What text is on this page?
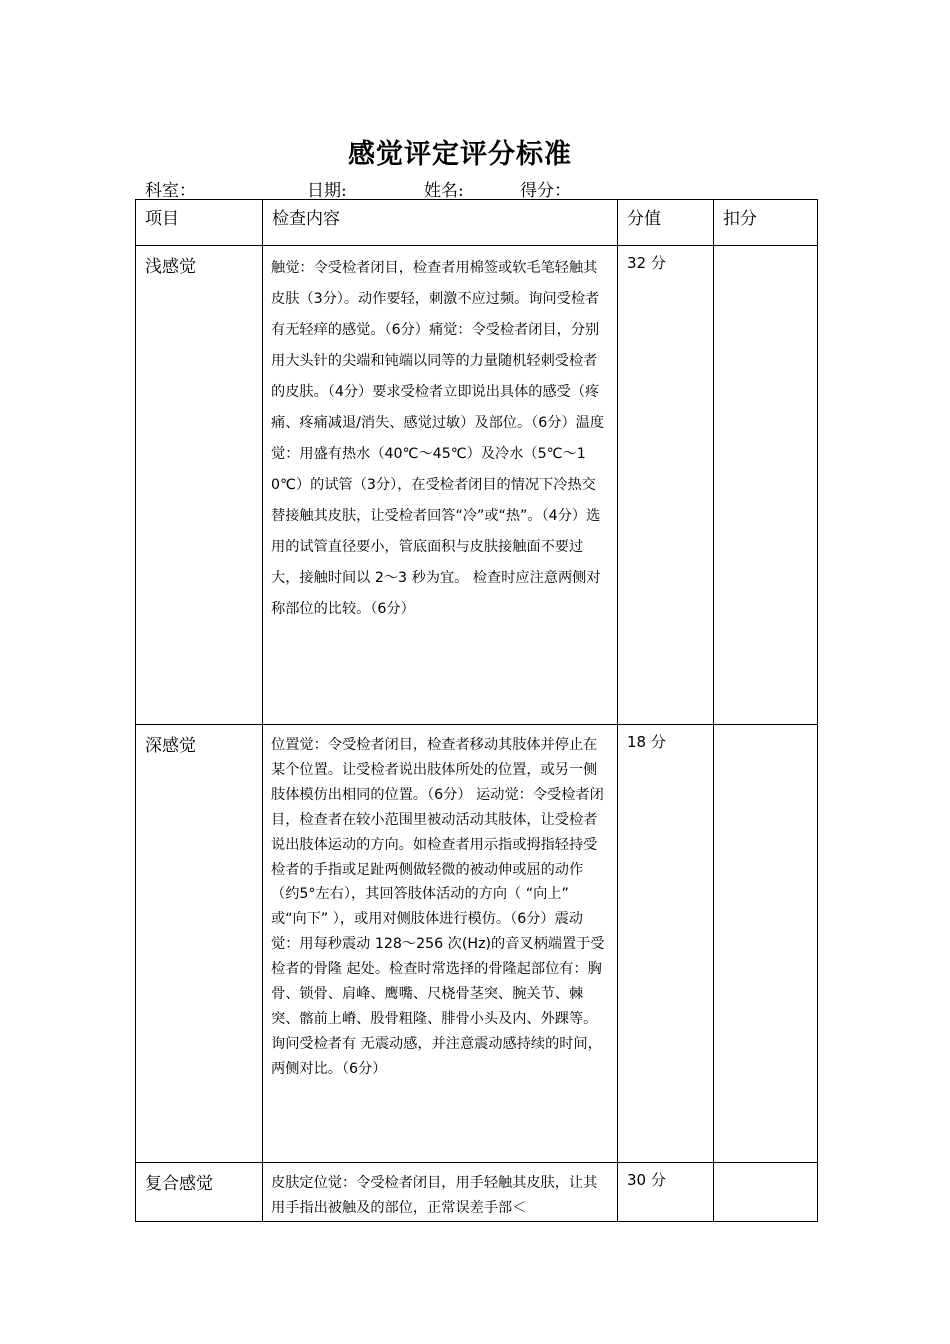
感觉评定评分标准
科室：	日期:	姓名:	得分：
项目	检查内容	分值	扣分
浅感觉	触觉：令受检者闭目，检查者用棉签或软毛笔轻触其皮肤（3分）。动作要轻，刺激不应过频。询问受检者有无轻痒的感觉。（6分）痛觉：令受检者闭目，分别用大头针的尖端和钝端以同等的力量随机轻刺受检者的皮肤。（4分）要求受检者立即说出具体的感受（疼痛、疼痛减退/消失、感觉过敏）及部位。（6分）温度觉：用盛有热水（40℃～45℃）及冷水（5℃～10℃）的试管（3分），在受检者闭目的情况下冷热交替接触其皮肤，让受检者回答“冷”或“热”。（4分）选用的试管直径要小，管底面积与皮肤接触面不要过大，接触时间以 2～3 秒为宜。 检查时应注意两侧对称部位的比较。（6分）	32 分	
深感觉	位置觉：令受检者闭目，检查者移动其肢体并停止在某个位置。让受检者说出肢体所处的位置，或另一侧肢体模仿出相同的位置。（6分） 运动觉：令受检者闭目，检查者在较小范围里被动活动其肢体，让受检者说出肢体运动的方向。如检查者用示指或拇指轻持受检者的手指或足趾两侧做轻微的被动伸或屈的动作（约5°左右），其回答肢体活动的方向（ “向上” 或“向下” ），或用对侧肢体进行模仿。（6分）震动觉：用每秒震动 128～256 次(Hz)的音叉柄端置于受检者的骨隆 起处。检查时常选择的骨隆起部位有：胸骨、锁骨、肩峰、鹰嘴、尺桡骨茎突、腕关节、棘突、髂前上嵴、股骨粗隆、腓骨小头及内、外踝等。询问受检者有 无震动感，并注意震动感持续的时间，两侧对比。（6分）	18 分	
复合感觉	皮肤定位觉：令受检者闭目，用手轻触其皮肤，让其用手指出被触及的部位，正常误差手部＜	30 分	
